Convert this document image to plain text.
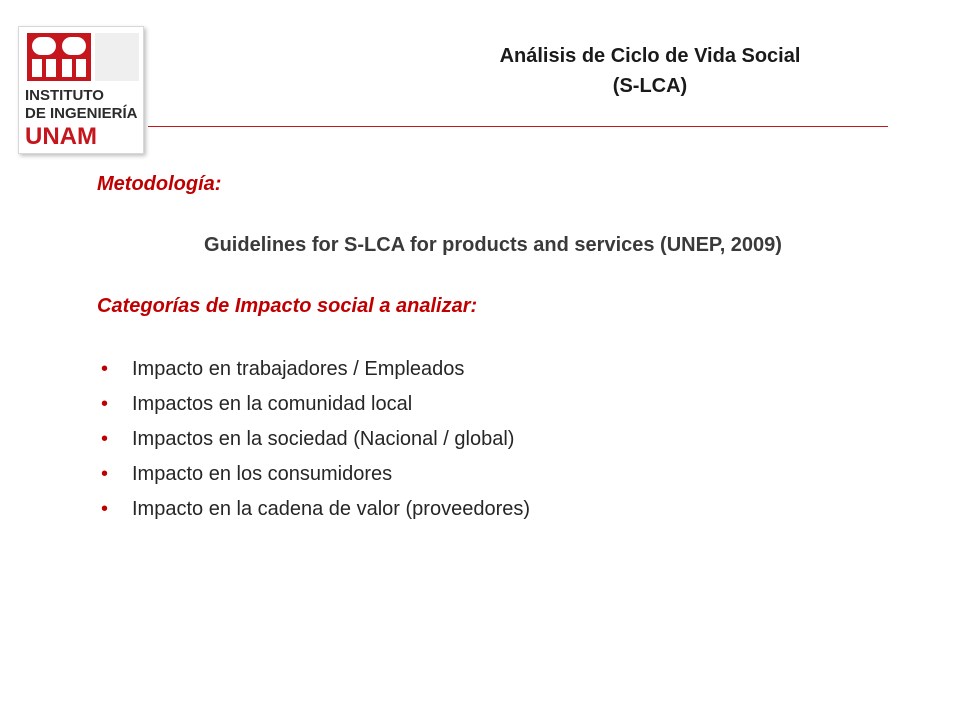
INSTITUTO
DE INGENIERÍA
UNAM
Análisis de Ciclo de Vida Social
(S-LCA)
Metodología:
Guidelines for S-LCA for products and services (UNEP, 2009)
Categorías de Impacto social a analizar:
• Impacto en trabajadores / Empleados
• Impactos en la comunidad local
• Impactos en la sociedad (Nacional / global)
• Impacto en los consumidores
• Impacto en la cadena de valor (proveedores)
